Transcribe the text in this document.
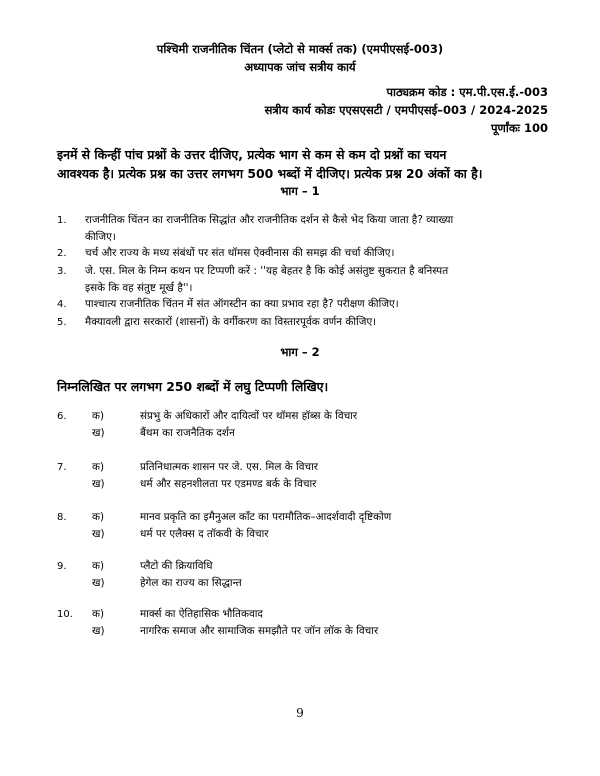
पश्चिमी राजनीतिक चिंतन (प्लेटो से मार्क्स तक) (एमपीएसई-003)
अध्यापक जांच सत्रीय कार्य
पाठ्यक्रम कोड : एम.पी.एस.ई.-003
सत्रीय कार्य कोडः एएसएसटी / एमपीएसई–003 / 2024-2025
पूर्णांकः 100
इनमें से किन्हीं पांच प्रश्नों के उत्तर दीजिए, प्रत्येक भाग से कम से कम दो प्रश्नों का चयन
आवश्यक है। प्रत्येक प्रश्न का उत्तर लगभग 500 भब्दों में दीजिए। प्रत्येक प्रश्न 20 अंकों का है।
भाग – 1
1. राजनीतिक चिंतन का राजनीतिक सिद्धांत और राजनीतिक दर्शन से कैसे भेद किया जाता है? व्याख्या
कीजिए।
2. चर्च और राज्य के मध्य संबंधों पर संत थॉमस ऐक्वीनास की समझ की चर्चा कीजिए।
3. जे. एस. मिल के निम्न कथन पर टिप्पणी करें : ''यह बेहतर है कि कोई असंतुष्ट सुकरात है बनिस्पत
इसके कि वह संतुष्ट मूर्ख है''।
4. पाश्चात्य राजनीतिक चिंतन में संत ऑगस्टीन का क्या प्रभाव रहा है? परीक्षण कीजिए।
5. मैक्यावली द्वारा सरकारों (शासनों) के वर्गीकरण का विस्तारपूर्वक वर्णन कीजिए।
भाग – 2
निम्नलिखित पर लगभग 250 शब्दों में लघु टिप्पणी लिखिए।
6. क)	संप्रभु के अधिकारों और दायित्वों पर थॉमस हॉब्स के विचार
ख)	बैंथम का राजनैतिक दर्शन
7. क)	प्रतिनिधात्मक शासन पर जे. एस. मिल के विचार
ख)	धर्म और सहनशीलता पर एडमण्ड बर्क के विचार
8. क)	मानव प्रकृति का इमैनुअल कॉंट का परामौतिक–आदर्शवादी दृष्टिकोण
ख)	धर्म पर एलैक्स द तॉकवी के विचार
9. क)	प्लैटो की क्रियाविधि
ख)	हेगेल का राज्य का सिद्धान्त
10. क)	मार्क्स का ऐतिहासिक भौतिकवाद
ख)	नागरिक समाज और सामाजिक समझौते पर जॉन लॉक के विचार
9
